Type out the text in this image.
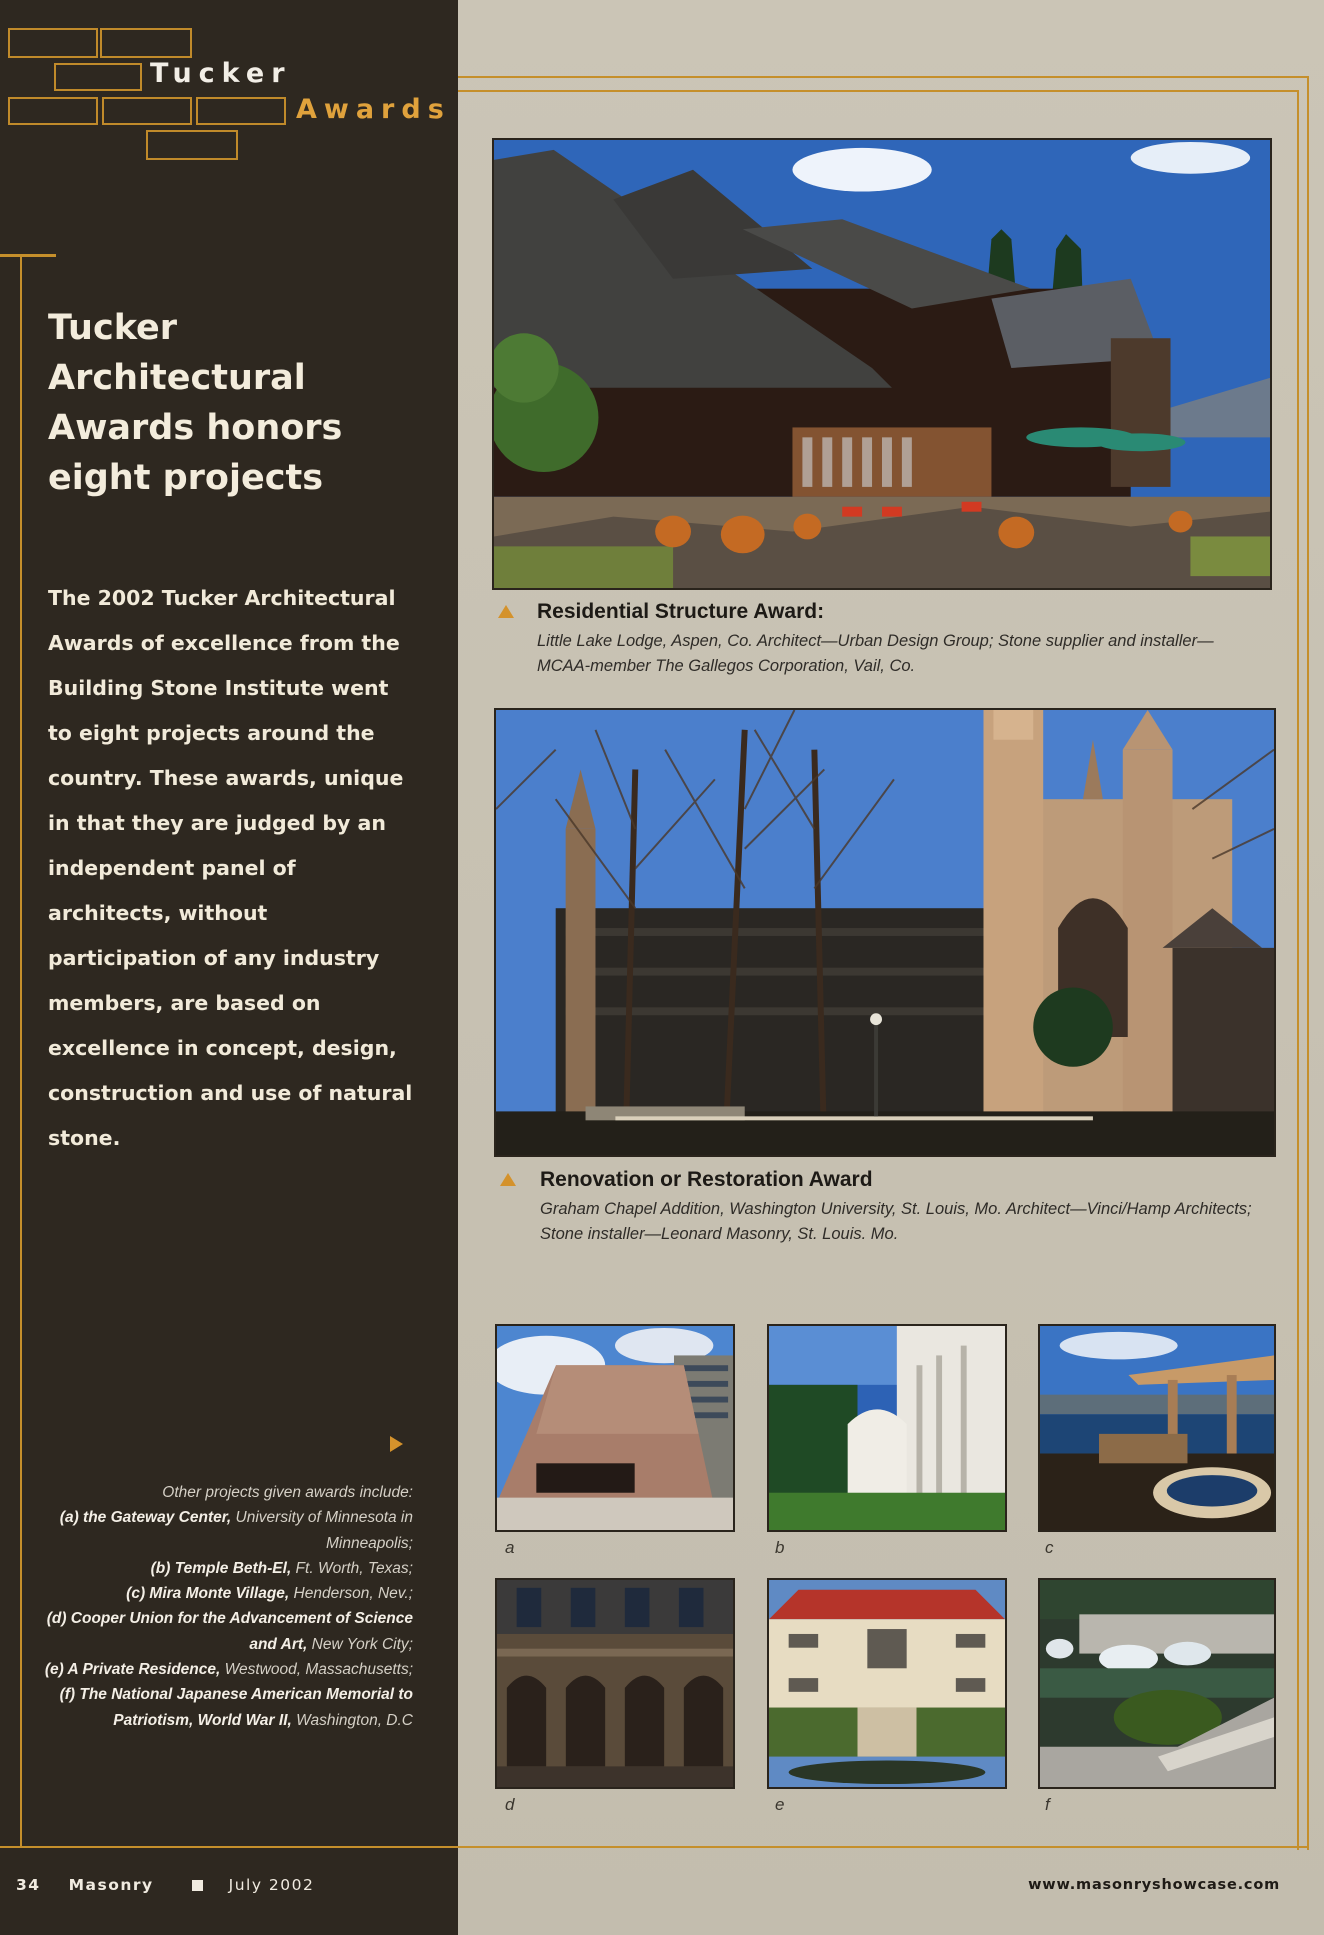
Tucker
Awards
Tucker Architectural Awards honors eight projects
The 2002 Tucker Architectural Awards of excellence from the Building Stone Institute went to eight projects around the country. These awards, unique in that they are judged by an independent panel of architects, without participation of any industry members, are based on excellence in concept, design, construction and use of natural stone.
Other projects given awards include:
(a) the Gateway Center, University of Minnesota in Minneapolis;
(b) Temple Beth-El, Ft. Worth, Texas;
(c) Mira Monte Village, Henderson, Nev.;
(d) Cooper Union for the Advancement of Science and Art, New York City;
(e) A Private Residence, Westwood, Massachusetts;
(f) The National Japanese American Memorial to Patriotism, World War II, Washington, D.C
Residential Structure Award:
Little Lake Lodge, Aspen, Co. Architect—Urban Design Group; Stone supplier and installer—MCAA-member The Gallegos Corporation, Vail, Co.
Renovation or Restoration Award
Graham Chapel Addition, Washington University, St. Louis, Mo. Architect—Vinci/Hamp Architects; Stone installer—Leonard Masonry, St. Louis. Mo.
a	b	c
d	e	f
34 Masonry	July 2002	www.masonryshowcase.com
